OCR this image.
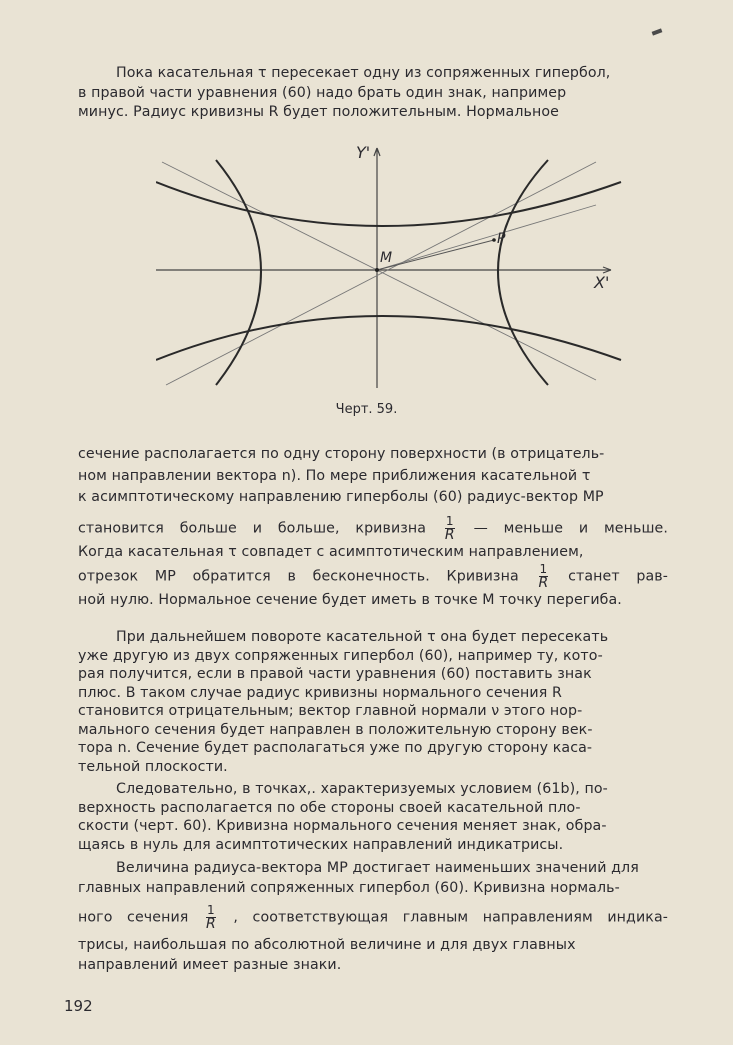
Пока касательная τ пересекает одну из сопряженных гипербол,
в правой части уравнения (60) надо брать один знак, например
минус. Радиус кривизны R будет положительным. Нормальное
Y'
X'
M
P
Черт. 59.
сечение располагается по одну сторону поверхности (в отрицатель-
ном направлении вектора n). По мере приближения касательной τ
к асимптотическому направлению гиперболы (60) радиус-вектор MP
становится больше и больше, кривизна $\frac{1}{R}$ — меньше и меньше.
Когда касательная τ совпадет с асимптотическим направлением,
отрезок MP обратится в бесконечность. Кривизна $\frac{1}{R}$ станет рав-
ной нулю. Нормальное сечение будет иметь в точке M точку перегиба.
При дальнейшем повороте касательной τ она будет пересекать
уже другую из двух сопряженных гипербол (60), например ту, кото-
рая получится, если в правой части уравнения (60) поставить знак
плюс. В таком случае радиус кривизны нормального сечения R
становится отрицательным; вектор главной нормали ν этого нор-
мального сечения будет направлен в положительную сторону век-
тора n. Сечение будет располагаться уже по другую сторону каса-
тельной плоскости.
Следовательно, в точках,. характеризуемых условием (61b), по-
верхность располагается по обе стороны своей касательной пло-
скости (черт. 60). Кривизна нормального сечения меняет знак, обра-
щаясь в нуль для асимптотических направлений индикатрисы.
Величина радиуса-вектора MP достигает наименьших значений для
главных направлений сопряженных гипербол (60). Кривизна нормаль-
ного сечения $\frac{1}{R}$ , соответствующая главным направлениям индика-
трисы, наибольшая по абсолютной величине и для двух главных
направлений имеет разные знаки.
192
